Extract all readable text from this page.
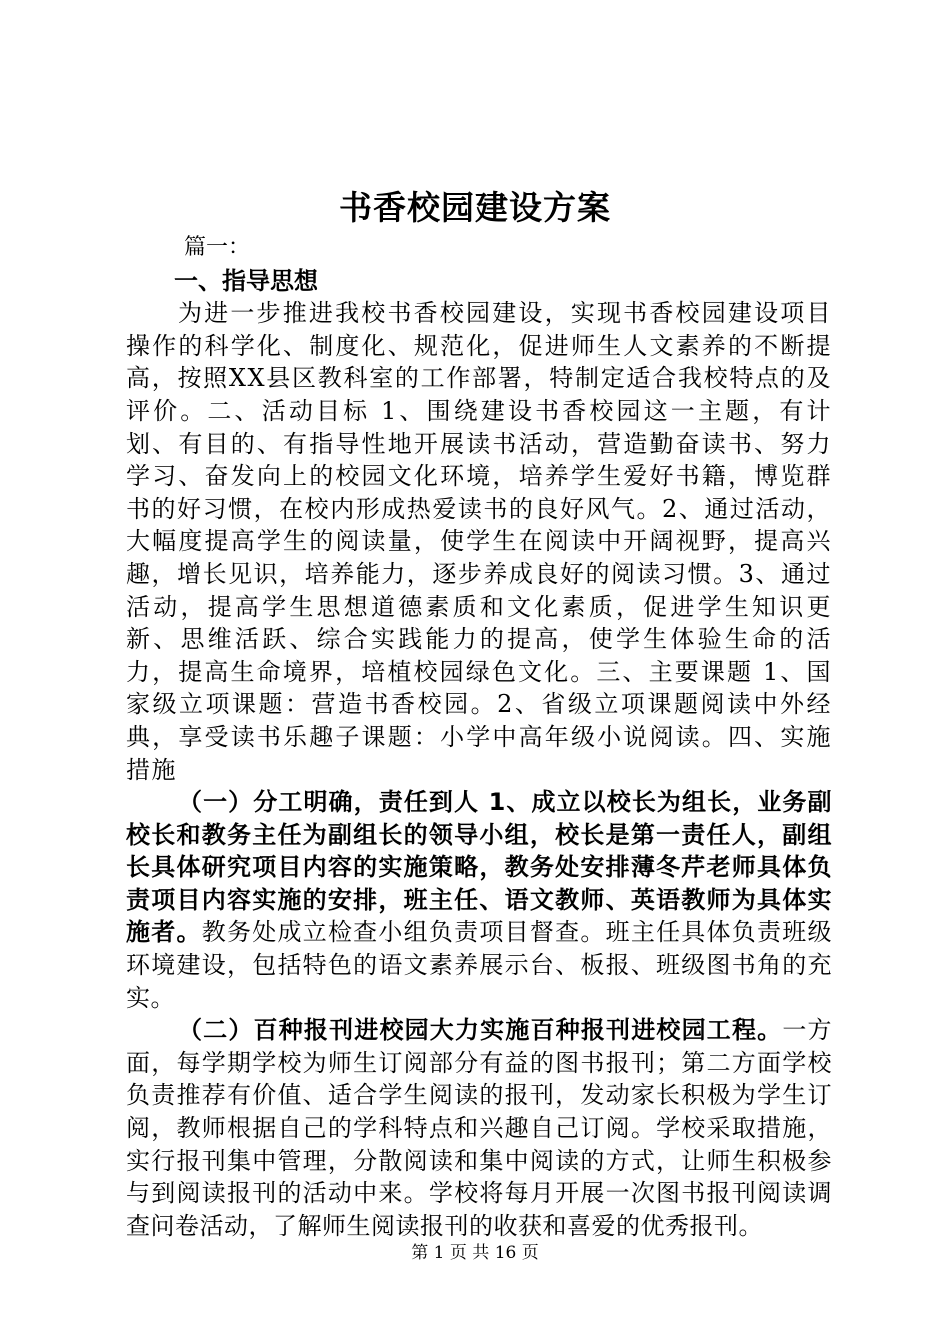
书香校园建设方案

篇一：

一、指导思想

为进一步推进我校书香校园建设，实现书香校园建设项目操作的科学化、制度化、规范化，促进师生人文素养的不断提高，按照XX县区教科室的工作部署，特制定适合我校特点的及评价。二、活动目标 1、围绕建设书香校园这一主题，有计划、有目的、有指导性地开展读书活动，营造勤奋读书、努力学习、奋发向上的校园文化环境，培养学生爱好书籍，博览群书的好习惯，在校内形成热爱读书的良好风气。2、通过活动，大幅度提高学生的阅读量，使学生在阅读中开阔视野，提高兴趣，增长见识，培养能力，逐步养成良好的阅读习惯。3、通过活动，提高学生思想道德素质和文化素质，促进学生知识更新、思维活跃、综合实践能力的提高，使学生体验生命的活力，提高生命境界，培植校园绿色文化。三、主要课题 1、国家级立项课题：营造书香校园。2、省级立项课题阅读中外经典，享受读书乐趣子课题：小学中高年级小说阅读。四、实施措施

（一）分工明确，责任到人 1、成立以校长为组长，业务副校长和教务主任为副组长的领导小组，校长是第一责任人，副组长具体研究项目内容的实施策略，教务处安排薄冬芹老师具体负责项目内容实施的安排，班主任、语文教师、英语教师为具体实施者。教务处成立检查小组负责项目督查。班主任具体负责班级环境建设，包括特色的语文素养展示台、板报、班级图书角的充实。

（二）百种报刊进校园大力实施百种报刊进校园工程。一方面，每学期学校为师生订阅部分有益的图书报刊；第二方面学校负责推荐有价值、适合学生阅读的报刊，发动家长积极为学生订阅，教师根据自己的学科特点和兴趣自己订阅。学校采取措施，实行报刊集中管理，分散阅读和集中阅读的方式，让师生积极参与到阅读报刊的活动中来。学校将每月开展一次图书报刊阅读调查问卷活动，了解师生阅读报刊的收获和喜爱的优秀报刊。

第 1 页 共 16 页
